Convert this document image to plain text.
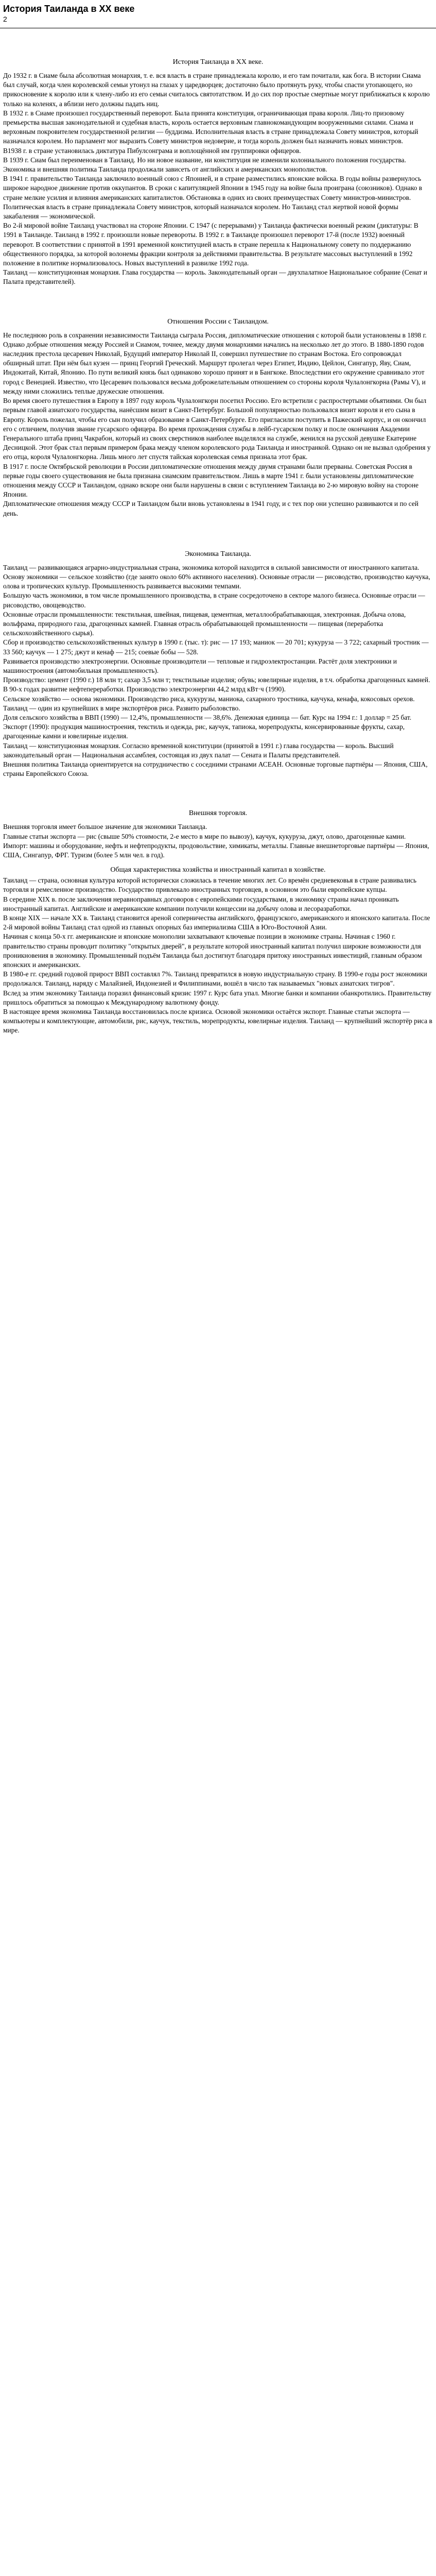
История Таиланда в ХХ веке
2
История Таиланда в ХХ веке.

До 1932 г. в Сиаме была абсолютная монархия, т. е. вся власть в стране принадлежала королю, и его там почитали, как бога. В истории Сиама был случай, когда член королевской семьи утонул на глазах у царедворцев; достаточно было протянуть руку, чтобы спасти утопающего, но прикосновение к королю или к члену-либо из его семьи считалось святотатством. И до сих пор простые смертные могут приближаться к королю только на коленях, а вблизи него должны падать ниц.

В 1932 г. в Сиаме произошел государственный переворот. Была принята конституция, ограничивающая права короля. Лиц-то призовому премьерства высшая законодательной и судебная власть, король остается верховным главнокомандующим вооруженными силами. Сиама и верховным покровителем государственной религии — буддизма. Исполнительная власть в стране принадлежала Совету министров, который назначался королем. Но парламент мог выразить Совету министров недоверие, и тогда король должен был назначить новых министров.

В1938 г. в стране установилась диктатура Пибулсонграма и воплощённой им группировки офицеров.

В 1939 г. Сиам был переименован в Таиланд. Но ни новое название, ни конституция не изменили колониального положения государства. Экономика и внешняя политика Таиланда продолжали зависеть от английских и американских монополистов.

В 1941 г. правительство Таиланда заключило военный союз с Японией, и в стране разместились японские войска. В годы войны развернулось широкое народное движение против оккупантов. В сроки с капитуляцией Японии в 1945 году на войне была проиграна (союзников). Однако в стране мелкие усилия и влияния американских капиталистов. Обстановка в одних из своих преимуществах Совету министров-министров. Политическая власть в стране принадлежала Совету министров, который назначался королем. Но Таиланд стал жертвой новой формы закабаления — экономической.

Во 2-й мировой войне Таиланд участвовал на стороне Японии. С 1947 (с перерывами) у Таиланда фактически военный режим (диктатуры: В 1991 в Таиланде. Таиланд в 1992 г. произошли новые перевороты. В 1992 г. в Таиланде произошел переворот 17-й (после 1932) военный переворот. В соответствии с принятой в 1991 временной конституцией власть в стране перешла к Национальному совету по поддержанию общественного порядка, за которой волонемы фракции контроля за действиями правительства. В результате массовых выступлений в 1992 положение в политике нормализовалось. Новых выступлений в развилке 1992 года.

Таиланд — конституционная монархия. Глава государства — король. Законодательный орган — двухпалатное Национальное собрание (Сенат и Палата представителей).

Отношения России с Таиландом.

Не последнюю роль в сохранении независимости Таиланда сыграла Россия, дипломатические отношения с которой были установлены в 1898 г. Однако добрые отношения между Россией и Сиамом, точнее, между двумя монархиями начались на несколько лет до этого. В 1880-1890 годов наследник престола цесаревич Николай, Будущий император Николай II, совершил путешествие по странам Востока. Его сопровождал обширный штат. При нём был кузен — принц Георгий Греческий. Маршрут пролегал через Египет, Индию, Цейлон, Сингапур, Яву, Сиам, Индокитай, Китай, Японию. По пути великий князь был одинаково хорошо принят и в Бангкоке. Впоследствии его окружение сравнивало этот город с Венецией. Известно, что Цесаревич пользовался весьма доброжелательным отношением со стороны короля Чулалонгкорна (Рамы V), и между ними сложились теплые дружеские отношения.

Во время своего путешествия в Европу в 1897 году король Чулалонгкорн посетил Россию. Его встретили с распростертыми объятиями. Он был первым главой азиатского государства, нанёсшим визит в Санкт-Петербург. Большой популярностью пользовался визит короля и его сына в Европу. Король пожелал, чтобы его сын получил образование в Санкт-Петербурге. Его пригласили поступить в Пажеский корпус, и он окончил его с отличием, получив звание гусарского офицера. Во время прохождения службы в лейб-гусарском полку и после окончания Академии Генерального штаба принц Чакрабон, который из своих сверстников наиболее выделялся на службе, женился на русской девушке Екатерине Десницкой. Этот брак стал первым примером брака между членом королевского рода Таиланда и иностранкой. Однако он не вызвал одобрения у его отца, короля Чулалонгкорна. Лишь много лет спустя тайская королевская семья признала этот брак.

В 1917 г. после Октябрьской революции в России дипломатические отношения между двумя странами были прерваны. Советская Россия в первые годы своего существования не была признана сиамским правительством. Лишь в марте 1941 г. были установлены дипломатические отношения между СССР и Таиландом, однако вскоре они были нарушены в связи с вступлением Таиланда во 2-ю мировую войну на стороне Японии.

Дипломатические отношения между СССР и Таиландом были вновь установлены в 1941 году, и с тех пор они успешно развиваются и по сей день.

Экономика Таиланда.

Таиланд — развивающаяся аграрно-индустриальная страна, экономика которой находится в сильной зависимости от иностранного капитала. Основу экономики — сельское хозяйство (где занято около 60% активного населения). Основные отрасли — рисоводство, производство каучука, олова и тропических культур. Промышленность развивается высокими темпами.

Большую часть экономики, в том числе промышленного производства, в стране сосредоточено в секторе малого бизнеса. Основные отрасли — рисоводство, овощеводство.

Основные отрасли промышленности: текстильная, швейная, пищевая, цементная, металлообрабатывающая, электронная. Добыча олова, вольфрама, природного газа, драгоценных камней. Главная отрасль обрабатывающей промышленности — пищевая (переработка сельскохозяйственного сырья).

Сбор и производство сельскохозяйственных культур в 1990 г. (тыс. т): рис — 17 193; маниок — 20 701; кукуруза — 3 722; сахарный тростник — 33 560; каучук — 1 275; джут и кенаф — 215; соевые бобы — 528.

Развивается производство электроэнергии. Основные производители — тепловые и гидроэлектростанции. Растёт доля электроники и машиностроения (автомобильная промышленность).

Производство: цемент (1990 г.) 18 млн т; сахар 3,5 млн т; текстильные изделия; обувь; ювелирные изделия, в т.ч. обработка драгоценных камней. В 90-х годах развитие нефтепереработки. Производство электроэнергии 44,2 млрд кВт·ч (1990).

Сельское хозяйство — основа экономики. Производство риса, кукурузы, маниока, сахарного тростника, каучука, кенафа, кокосовых орехов. Таиланд — один из крупнейших в мире экспортёров риса. Развито рыболовство.

Доля сельского хозяйства в ВВП (1990) — 12,4%, промышленности — 38,6%. Денежная единица — бат. Курс на 1994 г.: 1 доллар = 25 бат.

Экспорт (1990): продукция машиностроения, текстиль и одежда, рис, каучук, тапиока, морепродукты, консервированные фрукты, сахар, драгоценные камни и ювелирные изделия.

Таиланд — конституционная монархия. Согласно временной конституции (принятой в 1991 г.) глава государства — король. Высший законодательный орган — Национальная ассамблея, состоящая из двух палат — Сената и Палаты представителей.

Внешняя политика Таиланда ориентируется на сотрудничество с соседними странами АСЕАН. Основные торговые партнёры — Япония, США, страны Европейского Союза.

Внешняя торговля.

Внешняя торговля имеет большое значение для экономики Таиланда.

Главные статьи экспорта — рис (свыше 50% стоимости, 2-е место в мире по вывозу), каучук, кукуруза, джут, олово, драгоценные камни.

Импорт: машины и оборудование, нефть и нефтепродукты, продовольствие, химикаты, металлы. Главные внешнеторговые партнёры — Япония, США, Сингапур, ФРГ. Туризм (более 5 млн чел. в год).

Общая характеристика хозяйства и иностранный капитал в хозяйстве.

Таиланд — страна, основная культура которой исторически сложилась в течение многих лет. Со времён средневековья в стране развивались торговля и ремесленное производство. Государство привлекало иностранных торговцев, в основном это были европейские купцы.

В середине XIX в. после заключения неравноправных договоров с европейскими государствами, в экономику страны начал проникать иностранный капитал. Английские и американские компании получили концессии на добычу олова и лесоразработки.

В конце XIX — начале XX в. Таиланд становится ареной соперничества английского, французского, американского и японского капитала. После 2-й мировой войны Таиланд стал одной из главных опорных баз империализма США в Юго-Восточной Азии.

Начиная с конца 50-х гг. американские и японские монополии захватывают ключевые позиции в экономике страны. Начиная с 1960 г. правительство страны проводит политику "открытых дверей", в результате которой иностранный капитал получил широкие возможности для проникновения в экономику. Промышленный подъём Таиланда был достигнут благодаря притоку иностранных инвестиций, главным образом японских и американских.

В 1980-е гг. средний годовой прирост ВВП составлял 7%. Таиланд превратился в новую индустриальную страну. В 1990-е годы рост экономики продолжался. Таиланд, наряду с Малайзией, Индонезией и Филиппинами, вошёл в число так называемых "новых азиатских тигров".

Вслед за этим экономику Таиланда поразил финансовый кризис 1997 г. Курс бата упал. Многие банки и компании обанкротились. Правительству пришлось обратиться за помощью к Международному валютному фонду.

В настоящее время экономика Таиланда восстановилась после кризиса. Основой экономики остаётся экспорт. Главные статьи экспорта — компьютеры и комплектующие, автомобили, рис, каучук, текстиль, морепродукты, ювелирные изделия. Таиланд — крупнейший экспортёр риса в мире.
